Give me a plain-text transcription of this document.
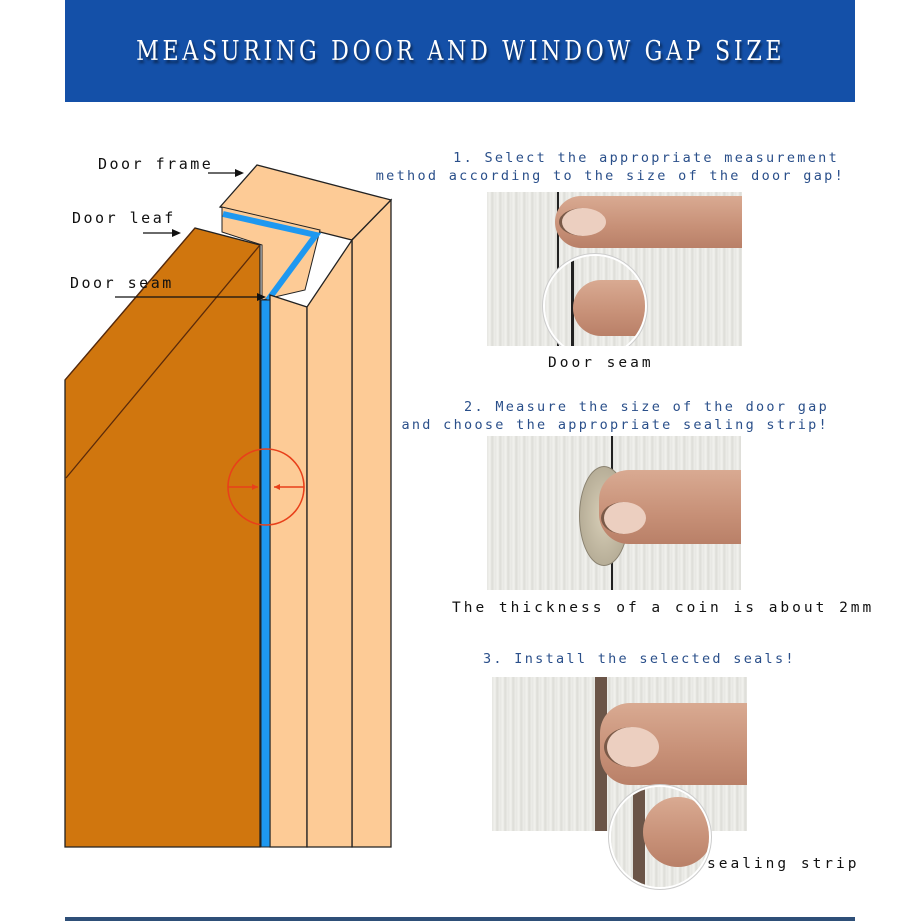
MEASURING DOOR AND WINDOW GAP SIZE
Door frame
Door leaf
Door seam
1. Select the appropriate measurement
method according to the size of the door gap!
Door seam
2. Measure the size of the door gap
and choose the appropriate sealing strip!
The thickness of a coin is about 2mm
3. Install the selected seals!
sealing strip
